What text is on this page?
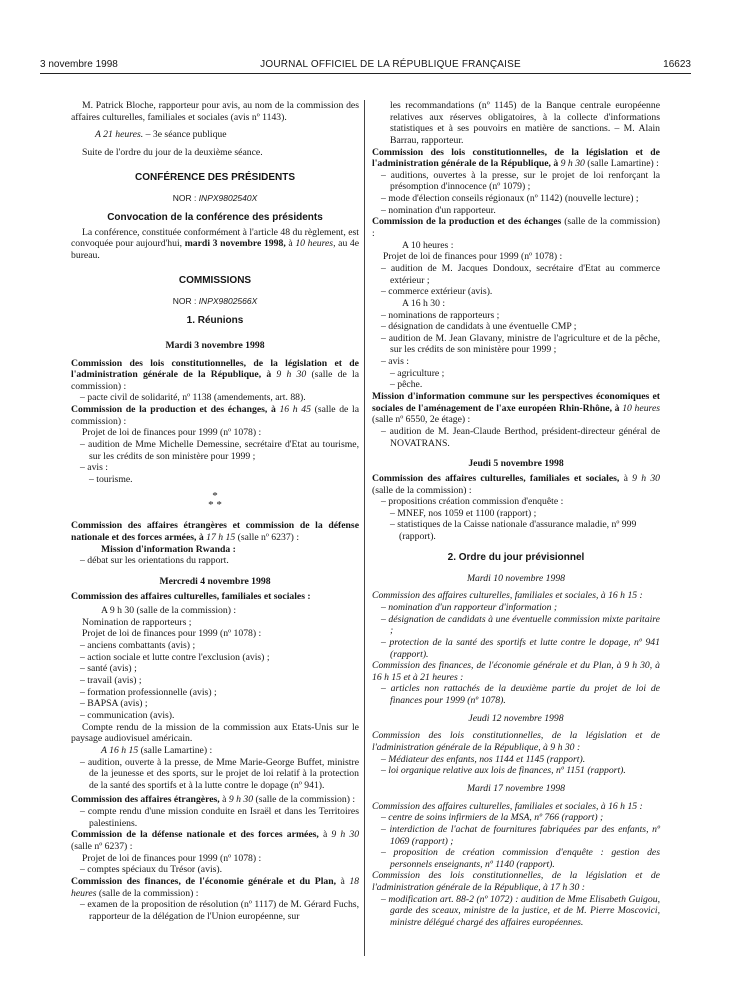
3 novembre 1998	JOURNAL OFFICIEL DE LA RÉPUBLIQUE FRANÇAISE	16623

M. Patrick Bloche, rapporteur pour avis, au nom de la commission des affaires culturelles, familiales et sociales (avis nº 1143).

A 21 heures. – 3e séance publique

Suite de l'ordre du jour de la deuxième séance.

CONFÉRENCE DES PRÉSIDENTS
NOR : INPX9802540X
Convocation de la conférence des présidents

La conférence, constituée conformément à l'article 48 du règlement, est convoquée pour aujourd'hui, mardi 3 novembre 1998, à 10 heures, au 4e bureau.

COMMISSIONS
NOR : INPX9802566X
1. Réunions
Mardi 3 novembre 1998
Commission des lois constitutionnelles, de la législation et de l'administration générale de la République, à 9 h 30 (salle de la commission) :
– pacte civil de solidarité, nº 1138 (amendements, art. 88).
Commission de la production et des échanges, à 16 h 45 (salle de la commission) :
Projet de loi de finances pour 1999 (nº 1078) :
– audition de Mme Michelle Demessine, secrétaire d'Etat au tourisme, sur les crédits de son ministère pour 1999 ;
– avis :
– tourisme.
*
* *
Commission des affaires étrangères et commission de la défense nationale et des forces armées, à 17 h 15 (salle nº 6237) :
Mission d'information Rwanda :
– débat sur les orientations du rapport.
Mercredi 4 novembre 1998
Commission des affaires culturelles, familiales et sociales :
A 9 h 30 (salle de la commission) :
Nomination de rapporteurs ;
Projet de loi de finances pour 1999 (nº 1078) :
– anciens combattants (avis) ;
– action sociale et lutte contre l'exclusion (avis) ;
– santé (avis) ;
– travail (avis) ;
– formation professionnelle (avis) ;
– BAPSA (avis) ;
– communication (avis).

Compte rendu de la mission de la commission aux Etats-Unis sur le paysage audiovisuel américain.

A 16 h 15 (salle Lamartine) :
– audition, ouverte à la presse, de Mme Marie-George Buffet, ministre de la jeunesse et des sports, sur le projet de loi relatif à la protection de la santé des sportifs et à la lutte contre le dopage (nº 941).
Commission des affaires étrangères, à 9 h 30 (salle de la commission) :
– compte rendu d'une mission conduite en Israël et dans les Territoires palestiniens.
Commission de la défense nationale et des forces armées, à 9 h 30 (salle nº 6237) :
Projet de loi de finances pour 1999 (nº 1078) :
– comptes spéciaux du Trésor (avis).
Commission des finances, de l'économie générale et du Plan, à 18 heures (salle de la commission) :
– examen de la proposition de résolution (nº 1117) de M. Gérard Fuchs, rapporteur de la délégation de l'Union européenne, sur

les recommandations (nº 1145) de la Banque centrale européenne relatives aux réserves obligatoires, à la collecte d'informations statistiques et à ses pouvoirs en matière de sanctions. – M. Alain Barrau, rapporteur.

Commission des lois constitutionnelles, de la législation et de l'administration générale de la République, à 9 h 30 (salle Lamartine) :
– auditions, ouvertes à la presse, sur le projet de loi renforçant la présomption d'innocence (nº 1079) ;
– mode d'élection conseils régionaux (nº 1142) (nouvelle lecture) ;
– nomination d'un rapporteur.
Commission de la production et des échanges (salle de la commission) :
A 10 heures :
Projet de loi de finances pour 1999 (nº 1078) :
– audition de M. Jacques Dondoux, secrétaire d'Etat au commerce extérieur ;
– commerce extérieur (avis).
A 16 h 30 :
– nominations de rapporteurs ;
– désignation de candidats à une éventuelle CMP ;
– audition de M. Jean Glavany, ministre de l'agriculture et de la pêche, sur les crédits de son ministère pour 1999 ;
– avis :
– agriculture ;
– pêche.
Mission d'information commune sur les perspectives économiques et sociales de l'aménagement de l'axe européen Rhin-Rhône, à 10 heures (salle nº 6550, 2e étage) :
– audition de M. Jean-Claude Berthod, président-directeur général de NOVATRANS.
Jeudi 5 novembre 1998
Commission des affaires culturelles, familiales et sociales, à 9 h 30 (salle de la commission) :
– propositions création commission d'enquête :
– MNEF, nos 1059 et 1100 (rapport) ;
– statistiques de la Caisse nationale d'assurance maladie, nº 999 (rapport).
2. Ordre du jour prévisionnel
Mardi 10 novembre 1998
Commission des affaires culturelles, familiales et sociales, à 16 h 15 :
– nomination d'un rapporteur d'information ;
– désignation de candidats à une éventuelle commission mixte paritaire ;
– protection de la santé des sportifs et lutte contre le dopage, nº 941 (rapport).
Commission des finances, de l'économie générale et du Plan, à 9 h 30, à 16 h 15 et à 21 heures :
– articles non rattachés de la deuxième partie du projet de loi de finances pour 1999 (nº 1078).
Jeudi 12 novembre 1998
Commission des lois constitutionnelles, de la législation et de l'administration générale de la République, à 9 h 30 :
– Médiateur des enfants, nos 1144 et 1145 (rapport).
– loi organique relative aux lois de finances, nº 1151 (rapport).
Mardi 17 novembre 1998
Commission des affaires culturelles, familiales et sociales, à 16 h 15 :
– centre de soins infirmiers de la MSA, nº 766 (rapport) ;
– interdiction de l'achat de fournitures fabriquées par des enfants, nº 1069 (rapport) ;
– proposition de création commission d'enquête : gestion des personnels enseignants, nº 1140 (rapport).
Commission des lois constitutionnelles, de la législation et de l'administration générale de la République, à 17 h 30 :
– modification art. 88-2 (nº 1072) : audition de Mme Elisabeth Guigou, garde des sceaux, ministre de la justice, et de M. Pierre Moscovici, ministre délégué chargé des affaires européennes.
